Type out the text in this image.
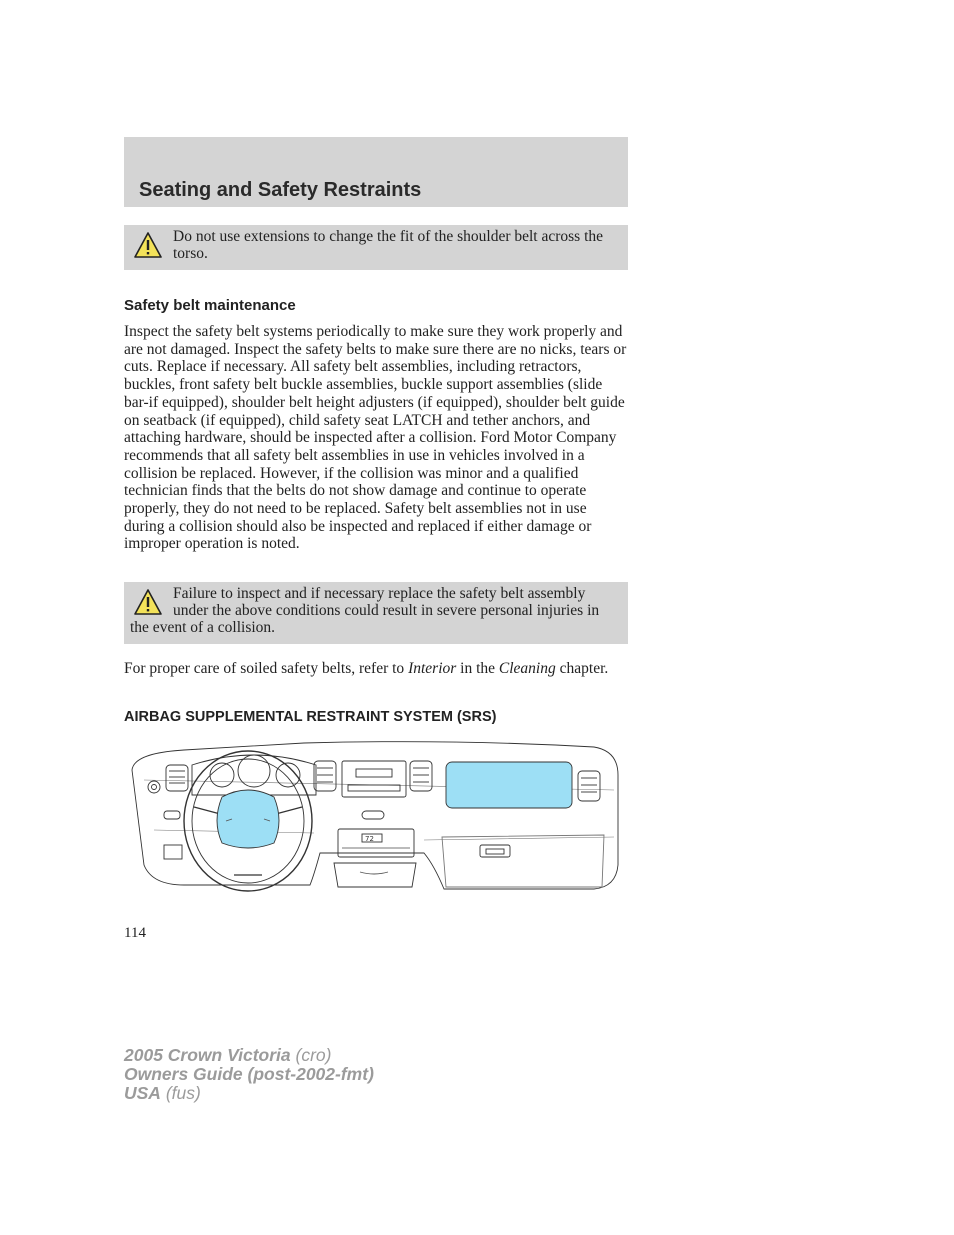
Seating and Safety Restraints
Do not use extensions to change the fit of the shoulder belt across the torso.
Safety belt maintenance

Inspect the safety belt systems periodically to make sure they work properly and are not damaged. Inspect the safety belts to make sure there are no nicks, tears or cuts. Replace if necessary. All safety belt assemblies, including retractors, buckles, front safety belt buckle assemblies, buckle support assemblies (slide bar-if equipped), shoulder belt height adjusters (if equipped), shoulder belt guide on seatback (if equipped), child safety seat LATCH and tether anchors, and attaching hardware, should be inspected after a collision. Ford Motor Company recommends that all safety belt assemblies in use in vehicles involved in a collision be replaced. However, if the collision was minor and a qualified technician finds that the belts do not show damage and continue to operate properly, they do not need to be replaced. Safety belt assemblies not in use during a collision should also be inspected and replaced if either damage or improper operation is noted.

Failure to inspect and if necessary replace the safety belt assembly under the above conditions could result in severe personal injuries in the event of a collision.

For proper care of soiled safety belts, refer to Interior in the Cleaning chapter.

AIRBAG SUPPLEMENTAL RESTRAINT SYSTEM (SRS)
72
114
2005 Crown Victoria (cro)
Owners Guide (post-2002-fmt)
USA (fus)
